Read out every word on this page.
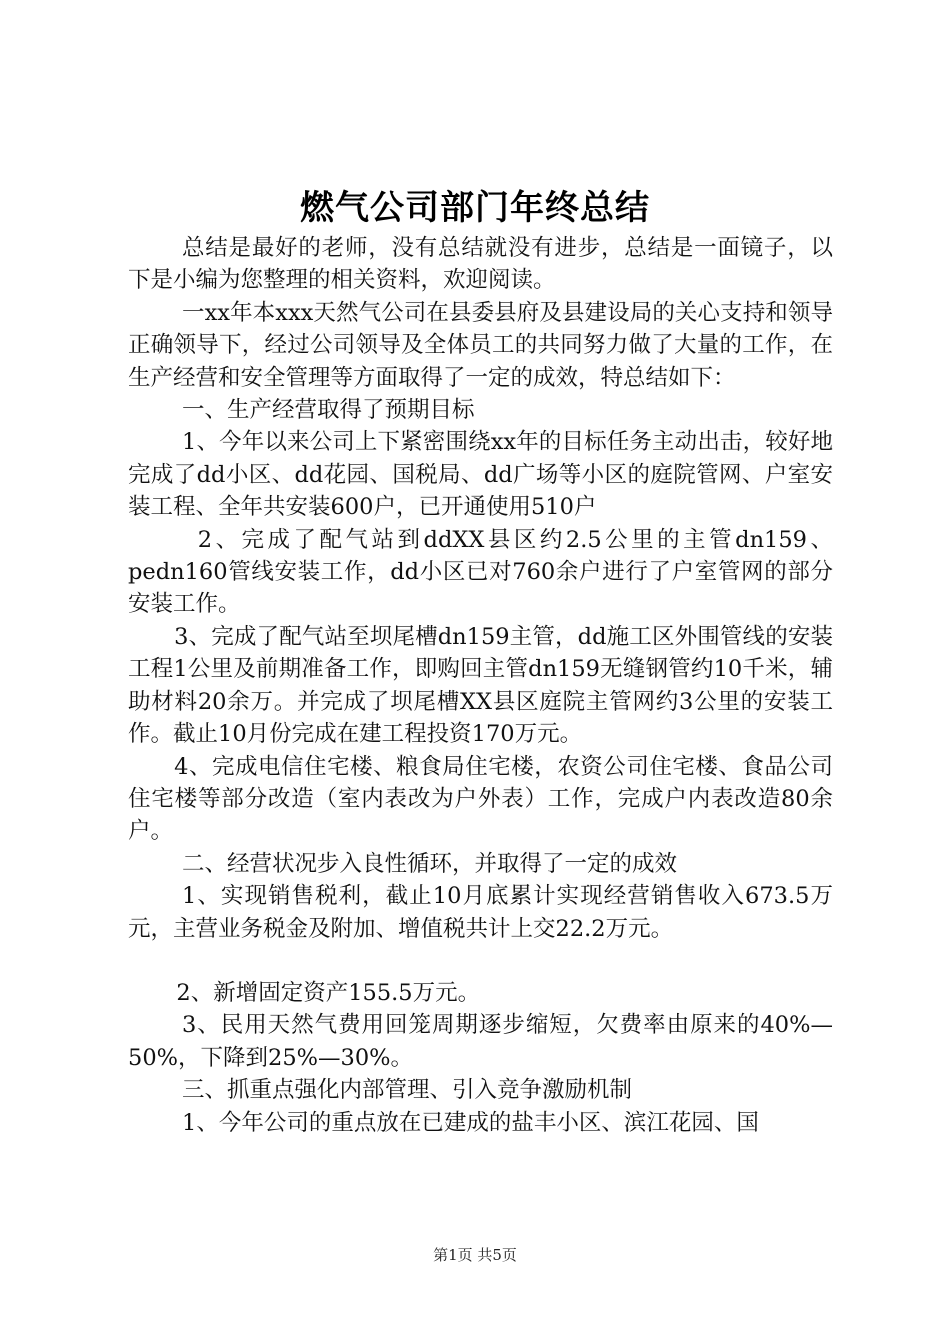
燃气公司部门年终总结

总结是最好的老师，没有总结就没有进步，总结是一面镜子，以下是小编为您整理的相关资料，欢迎阅读。

一xx年本xxx天然气公司在县委县府及县建设局的关心支持和领导正确领导下，经过公司领导及全体员工的共同努力做了大量的工作，在生产经营和安全管理等方面取得了一定的成效，特总结如下：

一、生产经营取得了预期目标

1、今年以来公司上下紧密围绕xx年的目标任务主动出击，较好地完成了dd小区、dd花园、国税局、dd广场等小区的庭院管网、户室安装工程、全年共安装600户，已开通使用510户

2、完成了配气站到ddXX县区约2.5公里的主管dn159、pedn160管线安装工作，dd小区已对760余户进行了户室管网的部分安装工作。

3、完成了配气站至坝尾槽dn159主管，dd施工区外围管线的安装工程1公里及前期准备工作，即购回主管dn159无缝钢管约10千米，辅助材料20余万。并完成了坝尾槽XX县区庭院主管网约3公里的安装工作。截止10月份完成在建工程投资170万元。

4、完成电信住宅楼、粮食局住宅楼，农资公司住宅楼、食品公司住宅楼等部分改造（室内表改为户外表）工作，完成户内表改造80余户。

二、经营状况步入良性循环，并取得了一定的成效

1、实现销售税利，截止10月底累计实现经营销售收入673.5万元，主营业务税金及附加、增值税共计上交22.2万元。

2、新增固定资产155.5万元。

3、民用天然气费用回笼周期逐步缩短，欠费率由原来的40%—50%，下降到25%—30%。

三、抓重点强化内部管理、引入竞争激励机制

1、今年公司的重点放在已建成的盐丰小区、滨江花园、国

第1页 共5页
